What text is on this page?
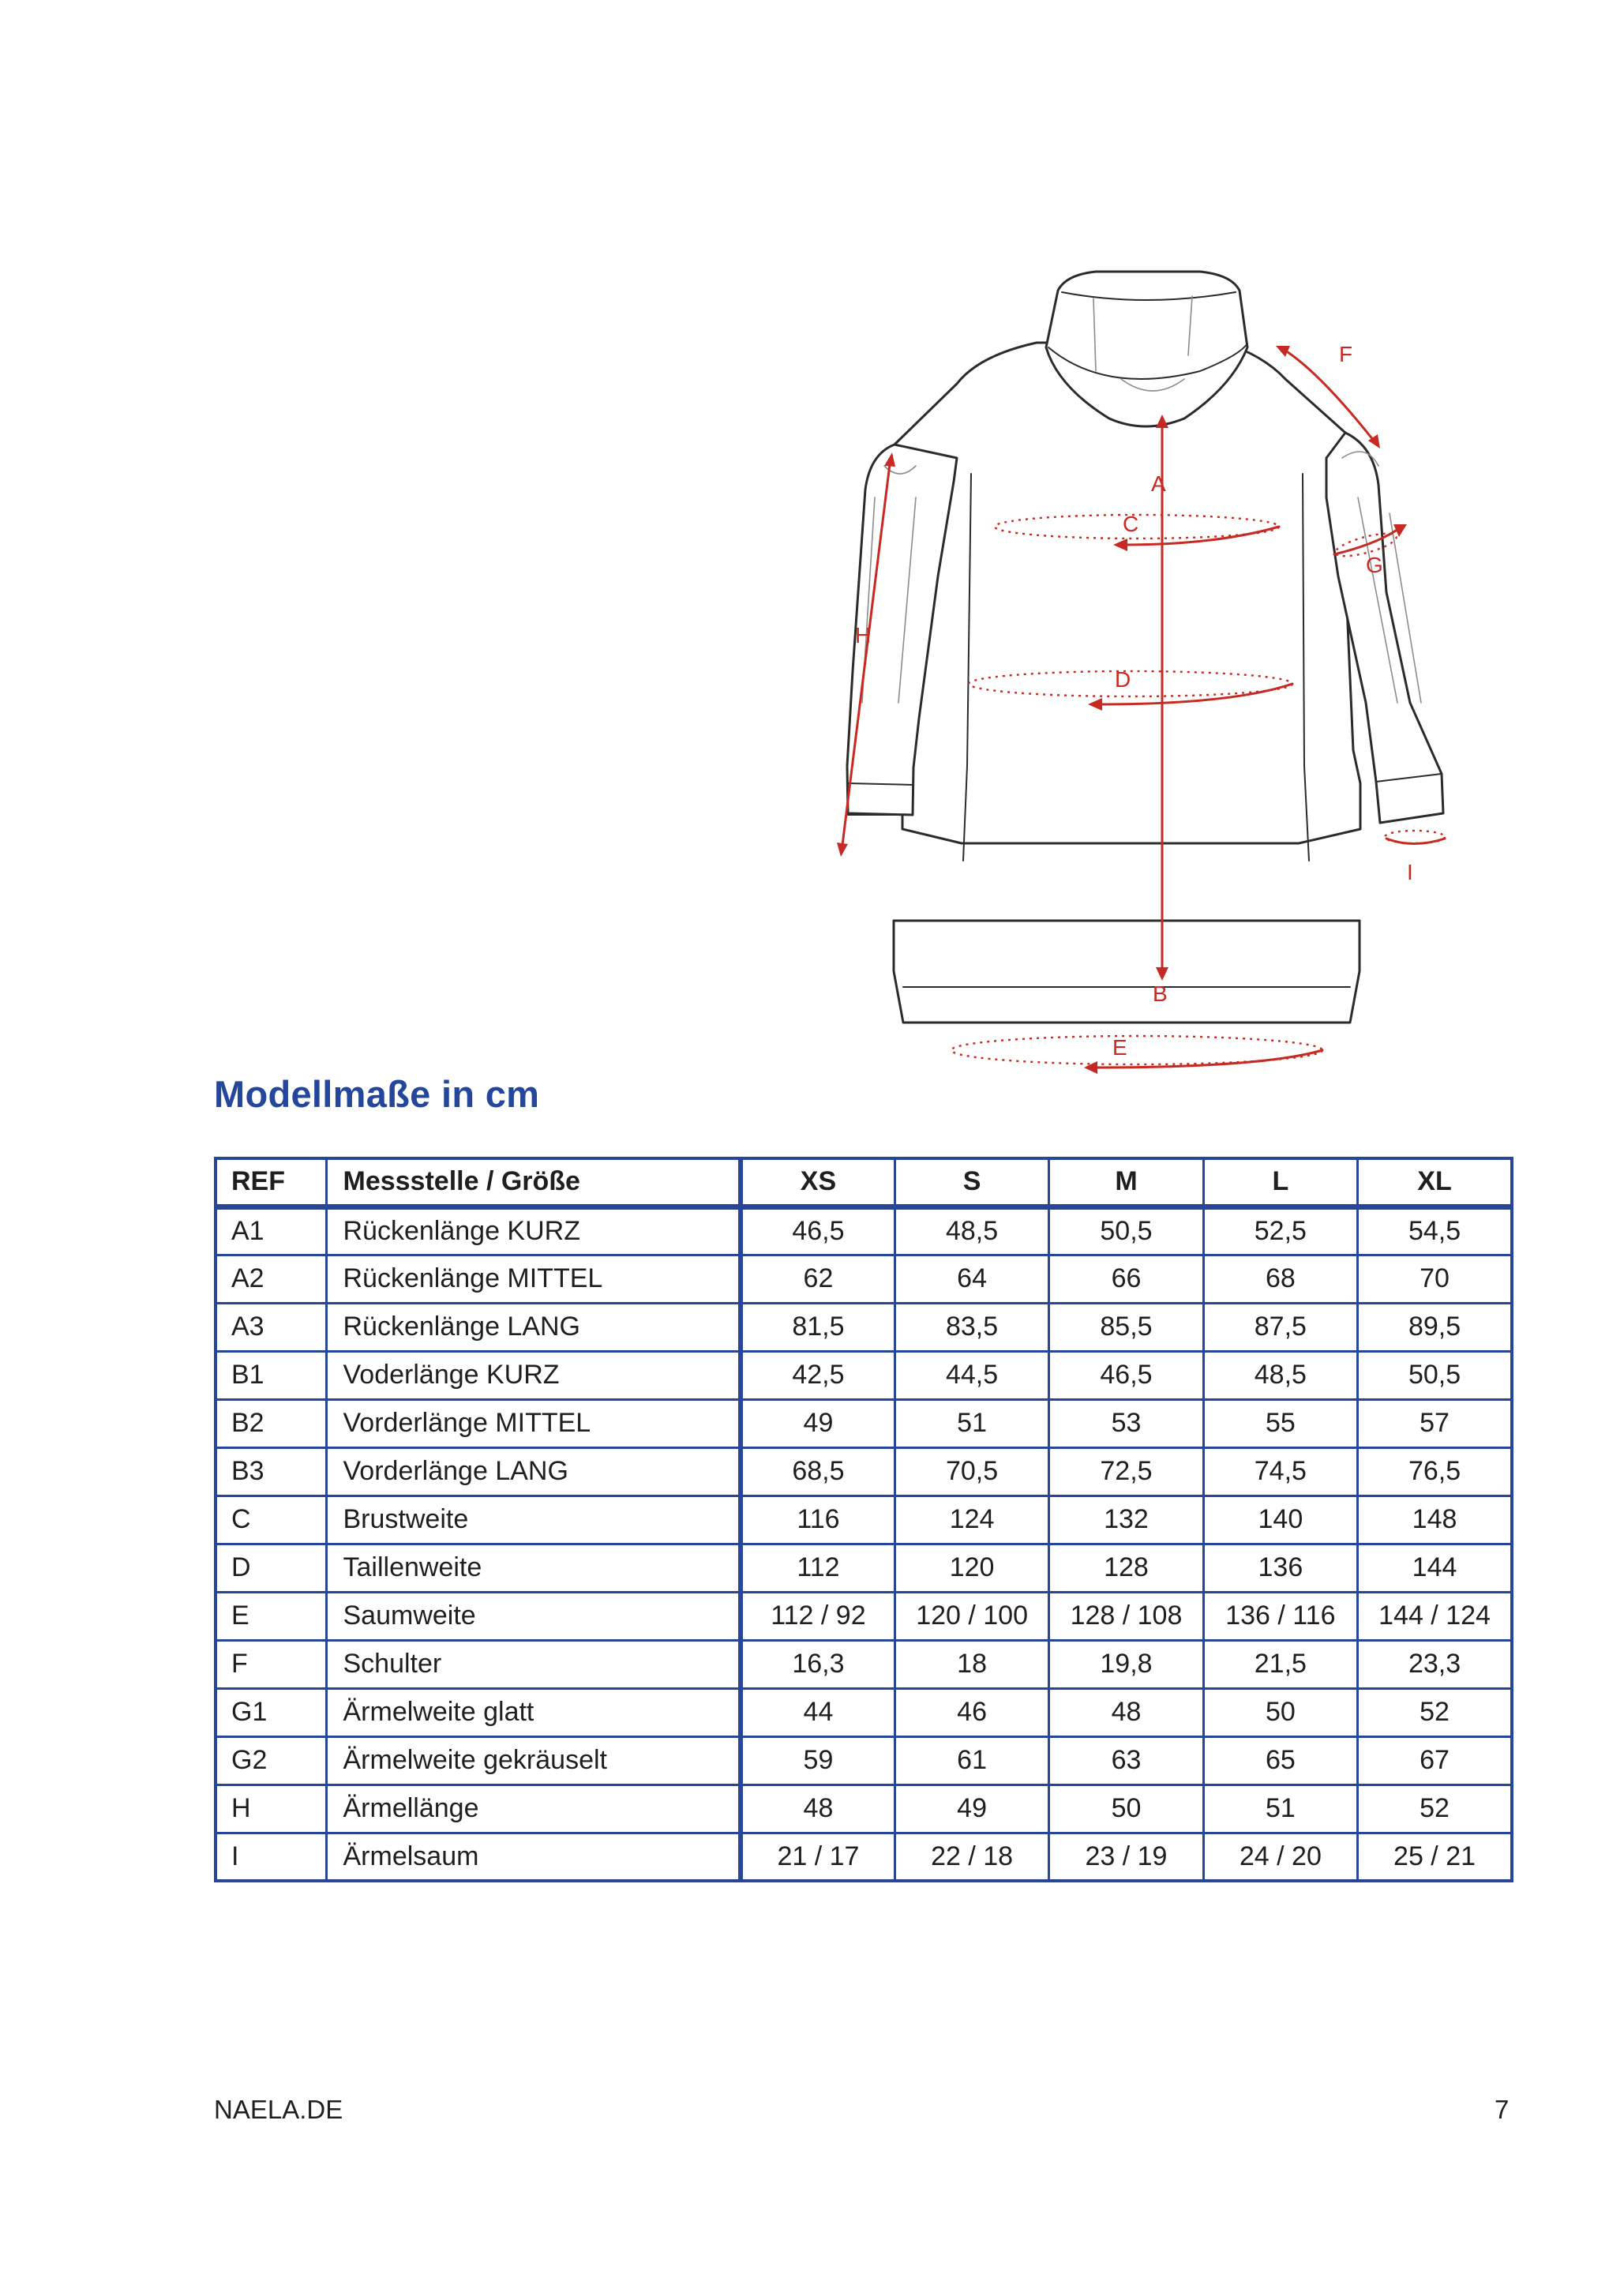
A
B
C
D
E
F
G
H
I
Modellmaße in cm
REF	Messstelle / Größe	XS	S	M	L	XL
A1	Rückenlänge KURZ	46,5	48,5	50,5	52,5	54,5
A2	Rückenlänge MITTEL	62	64	66	68	70
A3	Rückenlänge LANG	81,5	83,5	85,5	87,5	89,5
B1	Voderlänge KURZ	42,5	44,5	46,5	48,5	50,5
B2	Vorderlänge MITTEL	49	51	53	55	57
B3	Vorderlänge LANG	68,5	70,5	72,5	74,5	76,5
C	Brustweite	116	124	132	140	148
D	Taillenweite	112	120	128	136	144
E	Saumweite	112 / 92	120 / 100	128 / 108	136 / 116	144 / 124
F	Schulter	16,3	18	19,8	21,5	23,3
G1	Ärmelweite glatt	44	46	48	50	52
G2	Ärmelweite gekräuselt	59	61	63	65	67
H	Ärmellänge	48	49	50	51	52
I	Ärmelsaum	21 / 17	22 / 18	23 / 19	24 / 20	25 / 21

NAELA.DE	7
